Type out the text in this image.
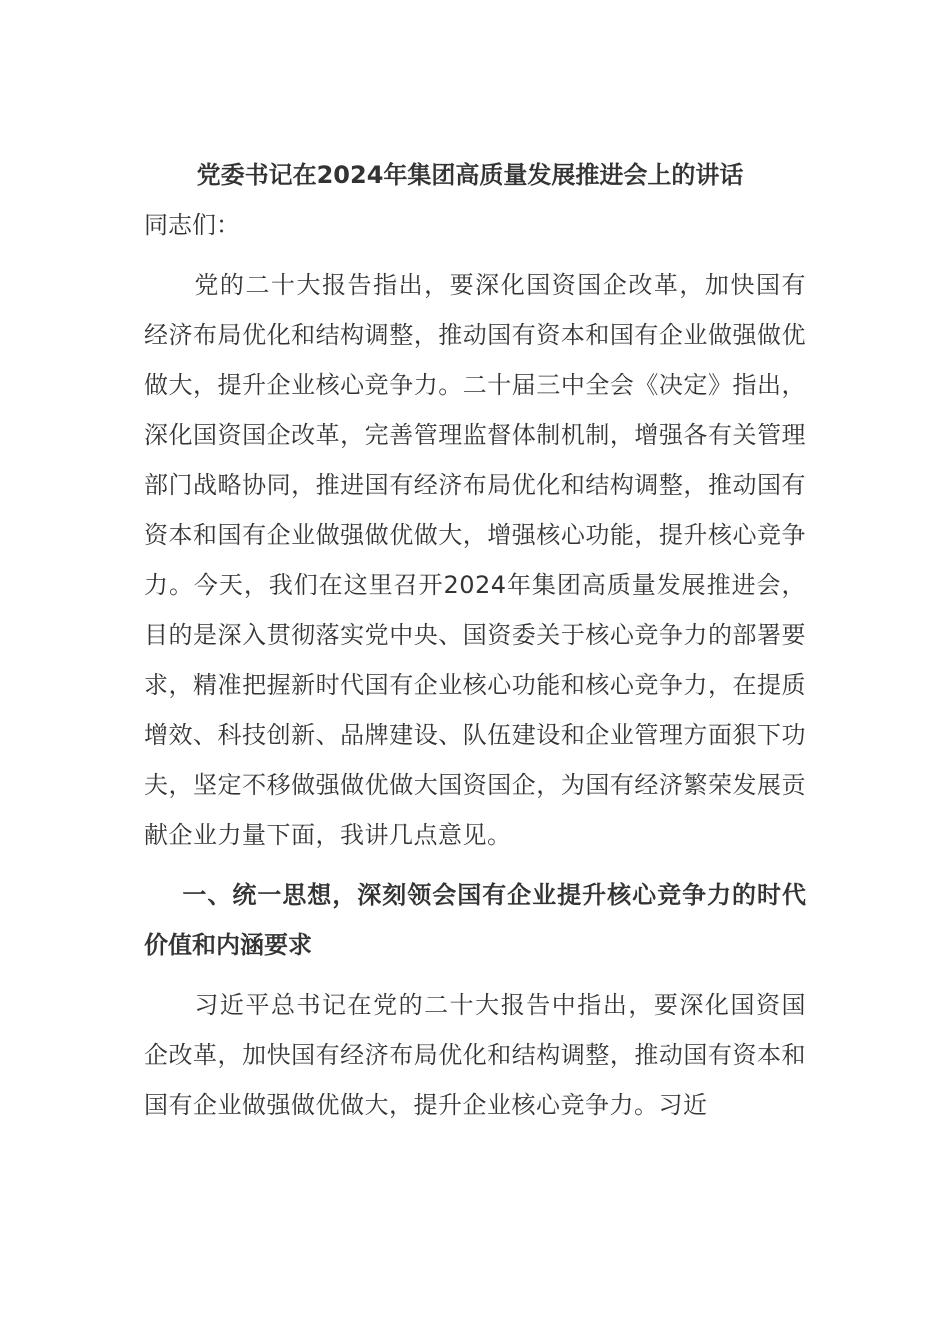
党委书记在2024年集团高质量发展推进会上的讲话

同志们：

党的二十大报告指出，要深化国资国企改革，加快国有经济布局优化和结构调整，推动国有资本和国有企业做强做优做大，提升企业核心竞争力。二十届三中全会《决定》指出，深化国资国企改革，完善管理监督体制机制，增强各有关管理部门战略协同，推进国有经济布局优化和结构调整，推动国有资本和国有企业做强做优做大，增强核心功能，提升核心竞争力。今天，我们在这里召开2024年集团高质量发展推进会，目的是深入贯彻落实党中央、国资委关于核心竞争力的部署要求，精准把握新时代国有企业核心功能和核心竞争力，在提质增效、科技创新、品牌建设、队伍建设和企业管理方面狠下功夫，坚定不移做强做优做大国资国企，为国有经济繁荣发展贡献企业力量下面，我讲几点意见。

一、统一思想，深刻领会国有企业提升核心竞争力的时代价值和内涵要求

习近平总书记在党的二十大报告中指出，要深化国资国企改革，加快国有经济布局优化和结构调整，推动国有资本和国有企业做强做优做大，提升企业核心竞争力。习近
